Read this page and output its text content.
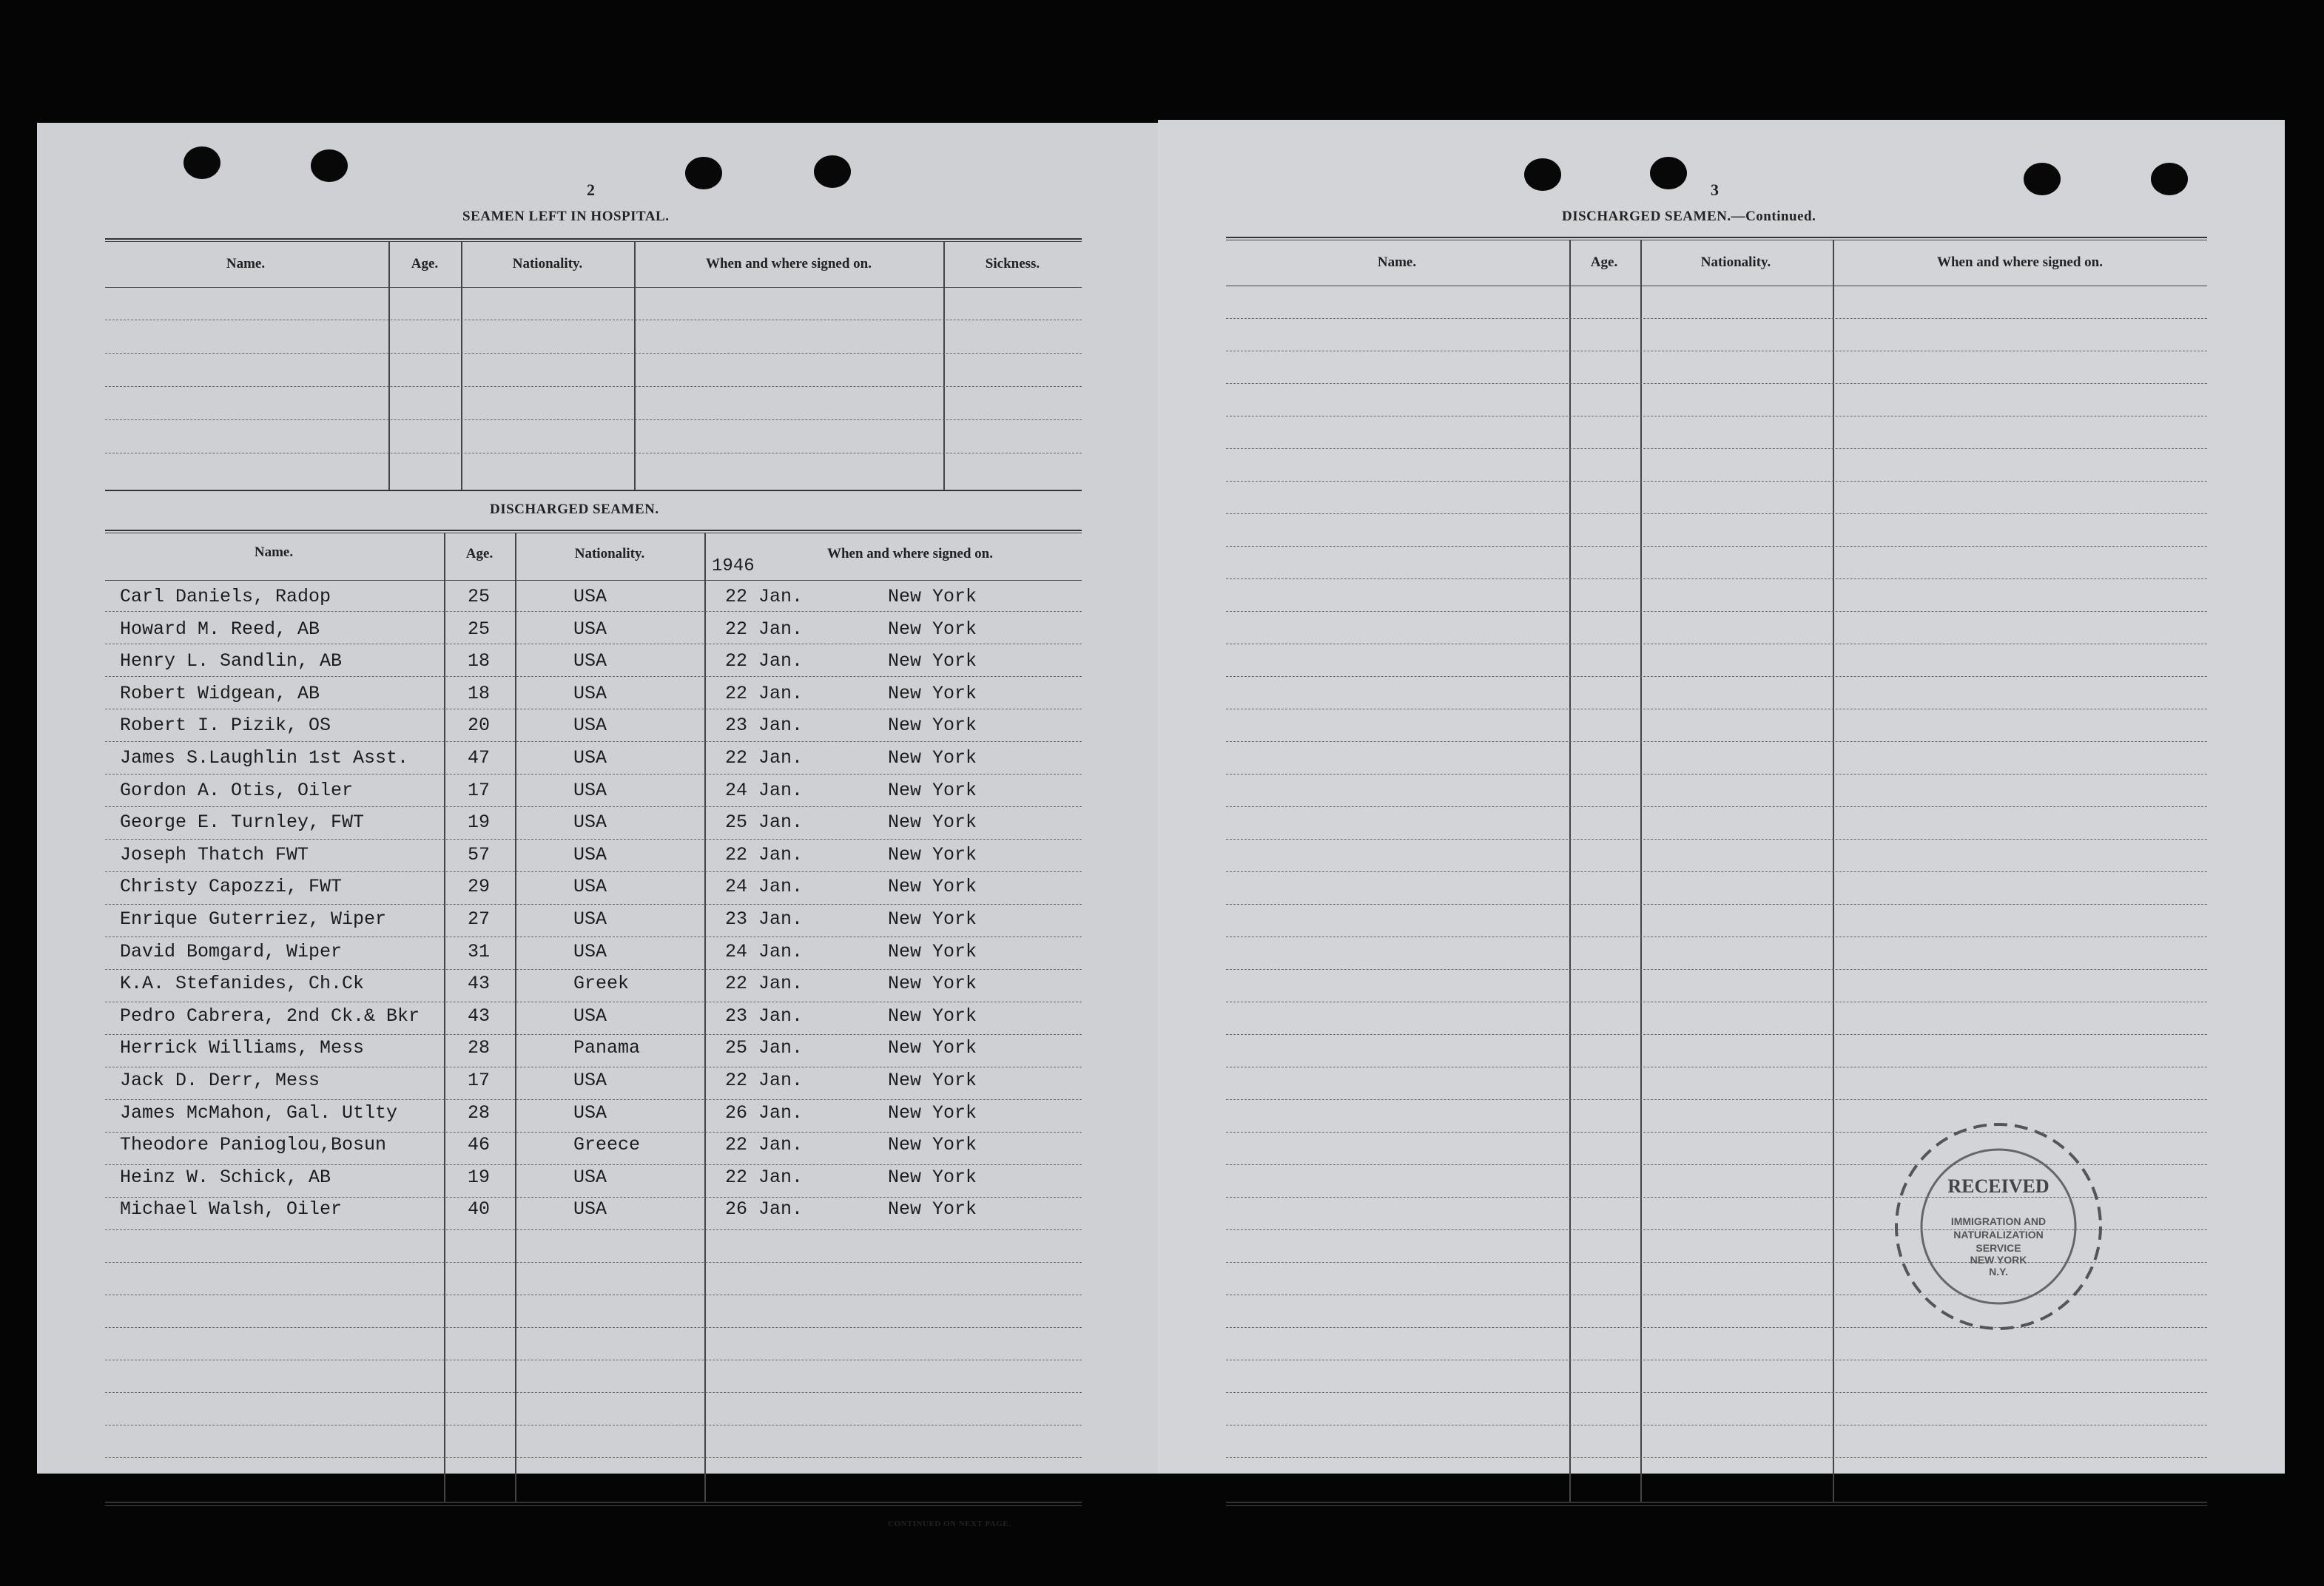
2
SEAMEN LEFT IN HOSPITAL.
Name.	Age.	Nationality.	When and where signed on.	Sickness.
DISCHARGED SEAMEN.
Name.	Age.	Nationality.
1946
When and where signed on.
Carl Daniels, Radop	25	USA	22 Jan.	New York
Howard M. Reed, AB	25	USA	22 Jan.	New York
Henry L. Sandlin, AB	18	USA	22 Jan.	New York
Robert Widgean, AB	18	USA	22 Jan.	New York
Robert I. Pizik, OS	20	USA	23 Jan.	New York
James S.Laughlin 1st Asst.	47	USA	22 Jan.	New York
Gordon A. Otis, Oiler	17	USA	24 Jan.	New York
George E. Turnley, FWT	19	USA	25 Jan.	New York
Joseph Thatch FWT	57	USA	22 Jan.	New York
Christy Capozzi, FWT	29	USA	24 Jan.	New York
Enrique Guterriez, Wiper	27	USA	23 Jan.	New York
David Bomgard, Wiper	31	USA	24 Jan.	New York
K.A. Stefanides, Ch.Ck	43	Greek	22 Jan.	New York
Pedro Cabrera, 2nd Ck.& Bkr	43	USA	23 Jan.	New York
Herrick Williams, Mess	28	Panama	25 Jan.	New York
Jack D. Derr, Mess	17	USA	22 Jan.	New York
James McMahon, Gal. Utlty	28	USA	26 Jan.	New York
Theodore Panioglou,Bosun	46	Greece	22 Jan.	New York
Heinz W. Schick, AB	19	USA	22 Jan.	New York
Michael Walsh, Oiler	40	USA	26 Jan.	New York
CONTINUED ON NEXT PAGE.
3
DISCHARGED SEAMEN.—Continued.
Name.	Age.	Nationality.	When and where signed on.
RECEIVED
IMMIGRATION AND
NATURALIZATION
SERVICE
NEW YORK
N.Y.
